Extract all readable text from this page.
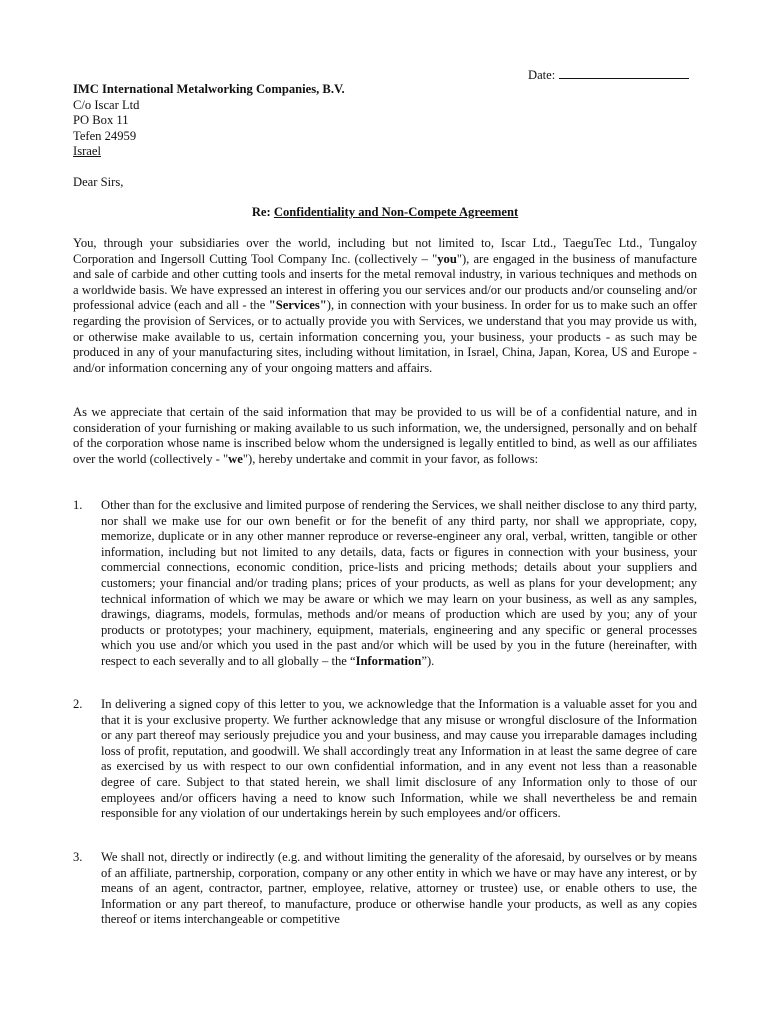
Date:
IMC International Metalworking Companies, B.V.
C/o Iscar Ltd
PO Box 11
Tefen 24959
Israel
Dear Sirs,
Re: Confidentiality and Non-Compete Agreement
You, through your subsidiaries over the world, including but not limited to, Iscar Ltd., TaeguTec Ltd., Tungaloy Corporation and Ingersoll Cutting Tool Company Inc. (collectively – "you"), are engaged in the business of manufacture and sale of carbide and other cutting tools and inserts for the metal removal industry, in various techniques and methods on a worldwide basis. We have expressed an interest in offering you our services and/or our products and/or counseling and/or professional advice (each and all - the "Services"), in connection with your business. In order for us to make such an offer regarding the provision of Services, or to actually provide you with Services, we understand that you may provide us with, or otherwise make available to us, certain information concerning you, your business, your products - as such may be produced in any of your manufacturing sites, including without limitation, in Israel, China, Japan, Korea, US and Europe - and/or information concerning any of your ongoing matters and affairs.
As we appreciate that certain of the said information that may be provided to us will be of a confidential nature, and in consideration of your furnishing or making available to us such information, we, the undersigned, personally and on behalf of the corporation whose name is inscribed below whom the undersigned is legally entitled to bind, as well as our affiliates over the world (collectively - "we"), hereby undertake and commit in your favor, as follows:
1. Other than for the exclusive and limited purpose of rendering the Services, we shall neither disclose to any third party, nor shall we make use for our own benefit or for the benefit of any third party, nor shall we appropriate, copy, memorize, duplicate or in any other manner reproduce or reverse-engineer any oral, verbal, written, tangible or other information, including but not limited to any details, data, facts or figures in connection with your business, your commercial connections, economic condition, price-lists and pricing methods; details about your suppliers and customers; your financial and/or trading plans; prices of your products, as well as plans for your development; any technical information of which we may be aware or which we may learn on your business, as well as any samples, drawings, diagrams, models, formulas, methods and/or means of production which are used by you; any of your products or prototypes; your machinery, equipment, materials, engineering and any specific or general processes which you use and/or which you used in the past and/or which will be used by you in the future (hereinafter, with respect to each severally and to all globally – the “Information”).
2. In delivering a signed copy of this letter to you, we acknowledge that the Information is a valuable asset for you and that it is your exclusive property. We further acknowledge that any misuse or wrongful disclosure of the Information or any part thereof may seriously prejudice you and your business, and may cause you irreparable damages including loss of profit, reputation, and goodwill. We shall accordingly treat any Information in at least the same degree of care as exercised by us with respect to our own confidential information, and in any event not less than a reasonable degree of care. Subject to that stated herein, we shall limit disclosure of any Information only to those of our employees and/or officers having a need to know such Information, while we shall nevertheless be and remain responsible for any violation of our undertakings herein by such employees and/or officers.
3. We shall not, directly or indirectly (e.g. and without limiting the generality of the aforesaid, by ourselves or by means of an affiliate, partnership, corporation, company or any other entity in which we have or may have any interest, or by means of an agent, contractor, partner, employee, relative, attorney or trustee) use, or enable others to use, the Information or any part thereof, to manufacture, produce or otherwise handle your products, as well as any copies thereof or items interchangeable or competitive
